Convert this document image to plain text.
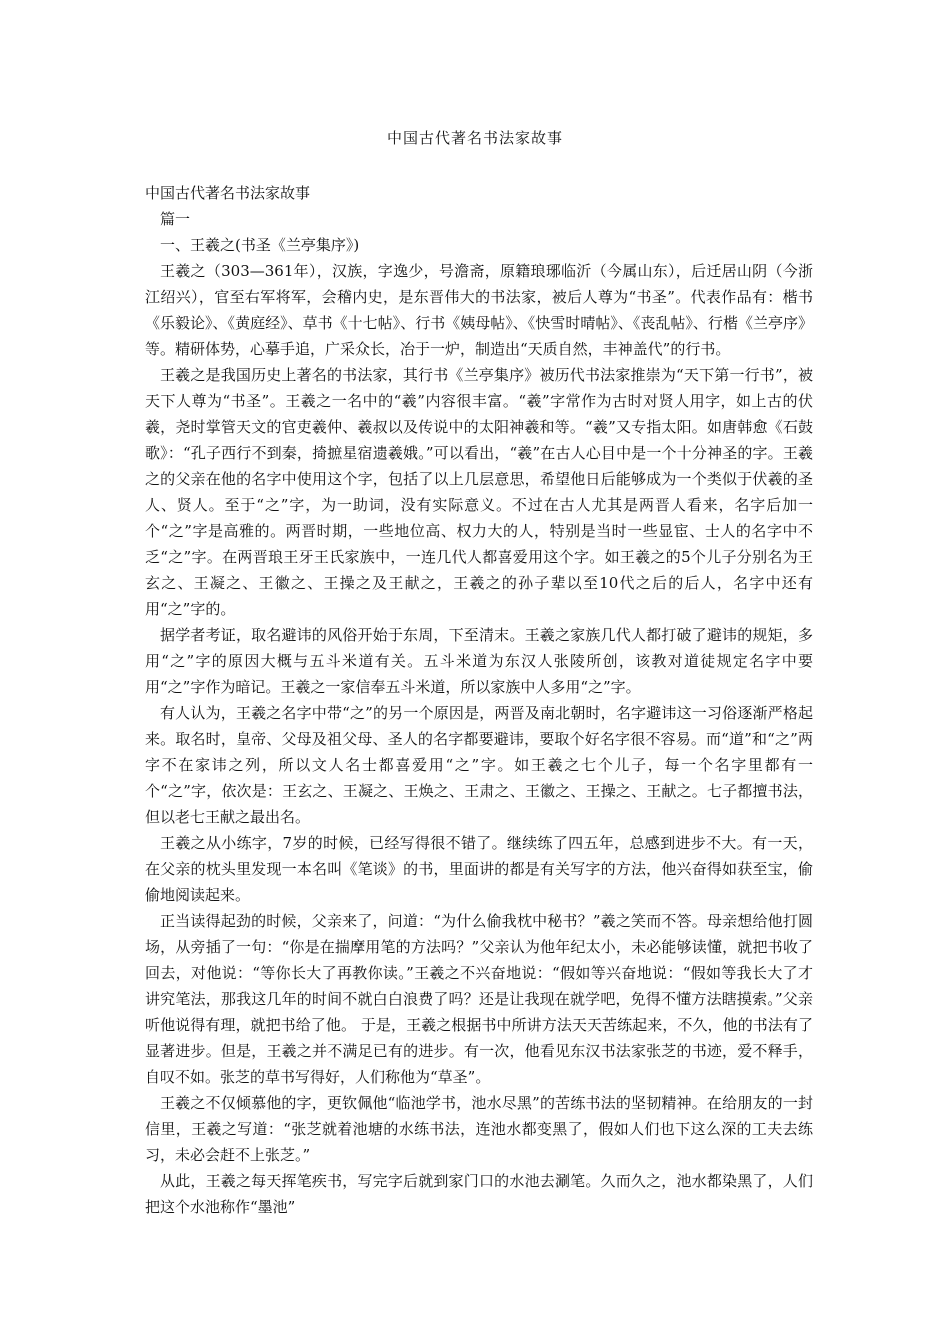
中国古代著名书法家故事

中国古代著名书法家故事

篇一

一、王羲之(书圣《兰亭集序》)

王羲之（303—361年），汉族，字逸少，号澹斋，原籍琅琊临沂（今属山东），后迁居山阴（今浙江绍兴），官至右军将军，会稽内史，是东晋伟大的书法家，被后人尊为“书圣”。代表作品有：楷书《乐毅论》、《黄庭经》、草书《十七帖》、行书《姨母帖》、《快雪时晴帖》、《丧乱帖》、行楷《兰亭序》等。精研体势，心摹手追，广采众长，冶于一炉，制造出“天质自然，丰神盖代”的行书。

王羲之是我国历史上著名的书法家，其行书《兰亭集序》被历代书法家推崇为“天下第一行书”，被天下人尊为“书圣”。王羲之一名中的“羲”内容很丰富。“羲”字常作为古时对贤人用字，如上古的伏羲，尧时掌管天文的官吏羲仲、羲叔以及传说中的太阳神羲和等。“羲”又专指太阳。如唐韩愈《石鼓歌》：“孔子西行不到秦，掎摭星宿遗羲娥。”可以看出，“羲”在古人心目中是一个十分神圣的字。王羲之的父亲在他的名字中使用这个字，包括了以上几层意思，希望他日后能够成为一个类似于伏羲的圣人、贤人。至于“之”字，为一助词，没有实际意义。不过在古人尤其是两晋人看来，名字后加一个“之”字是高雅的。两晋时期，一些地位高、权力大的人，特别是当时一些显宦、士人的名字中不乏“之”字。在两晋琅王牙王氏家族中，一连几代人都喜爱用这个字。如王羲之的5个儿子分别名为王玄之、王凝之、王徽之、王操之及王献之，王羲之的孙子辈以至10代之后的后人，名字中还有用“之”字的。

据学者考证，取名避讳的风俗开始于东周，下至清末。王羲之家族几代人都打破了避讳的规矩，多用“之”字的原因大概与五斗米道有关。五斗米道为东汉人张陵所创，该教对道徒规定名字中要用“之”字作为暗记。王羲之一家信奉五斗米道，所以家族中人多用“之”字。

有人认为，王羲之名字中带“之”的另一个原因是，两晋及南北朝时，名字避讳这一习俗逐渐严格起来。取名时，皇帝、父母及祖父母、圣人的名字都要避讳，要取个好名字很不容易。而“道”和“之”两字不在家讳之列，所以文人名士都喜爱用“之”字。如王羲之七个儿子，每一个名字里都有一个“之”字，依次是：王玄之、王凝之、王焕之、王肃之、王徽之、王操之、王献之。七子都擅书法，但以老七王献之最出名。

王羲之从小练字，7岁的时候，已经写得很不错了。继续练了四五年，总感到进步不大。有一天，在父亲的枕头里发现一本名叫《笔谈》的书，里面讲的都是有关写字的方法，他兴奋得如获至宝，偷偷地阅读起来。

正当读得起劲的时候，父亲来了，问道：“为什么偷我枕中秘书？”羲之笑而不答。母亲想给他打圆场，从旁插了一句：“你是在揣摩用笔的方法吗？”父亲认为他年纪太小，未必能够读懂，就把书收了回去，对他说：“等你长大了再教你读。”王羲之不兴奋地说：“假如等兴奋地说：“假如等我长大了才讲究笔法，那我这几年的时间不就白白浪费了吗？还是让我现在就学吧，免得不懂方法瞎摸索。”父亲听他说得有理，就把书给了他。 于是，王羲之根据书中所讲方法天天苦练起来，不久，他的书法有了显著进步。但是，王羲之并不满足已有的进步。有一次，他看见东汉书法家张芝的书迹，爱不释手，自叹不如。张芝的草书写得好，人们称他为“草圣”。

王羲之不仅倾慕他的字，更钦佩他“临池学书，池水尽黑”的苦练书法的坚韧精神。在给朋友的一封信里，王羲之写道：“张芝就着池塘的水练书法，连池水都变黑了，假如人们也下这么深的工夫去练习，未必会赶不上张芝。”

从此，王羲之每天挥笔疾书，写完字后就到家门口的水池去涮笔。久而久之，池水都染黑了，人们把这个水池称作“墨池”
